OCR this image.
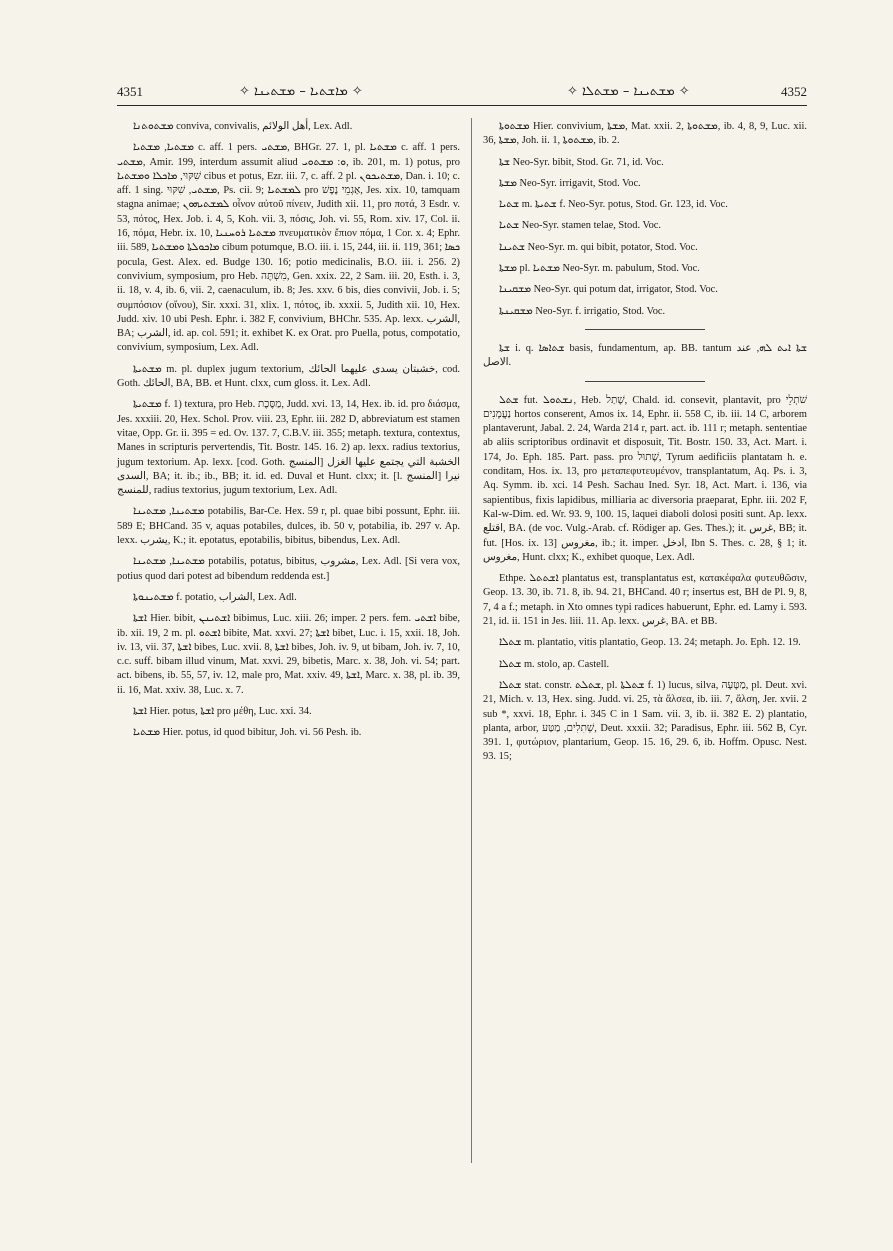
4351	✧ ܡܐܫܬܝܐ – ܡܫܬܝܢܐ ✧	✧ ܡܫܬܝܢܐ – ܡܫܬܠܐ ✧	4352

ܡܫܬܘܬܢܐ conviva, convivalis, أهل الولائم, Lex. Adl.

ܡܫܬܝܐ, ܡܫܬܝܐ c. aff. 1 pers. ܡܫܬܝ, BHGr. 27. 1, pl. ܡܫܬܝܐ c. aff. 1 pers. ܡܫܬܝ, Amir. 199, interdum assumit aliud ܘ: ܡܫܬܘܝ, ib. 201, m. 1) potus, pro שִׁקּוּי, ܡܐܟܠܐ ܘܡܫܬܝܐ cibus et potus, Ezr. iii. 7, c. aff. 2 pl. ܡܫܬܝܟܘܢ, Dan. i. 10; c. aff. 1 sing. ܡܫܬܝ, שִׁקּוּי, Ps. cii. 9; ܠܡܫܬܝܐ pro אַגְמֵי נֶפֶשׁ, Jes. xix. 10, tamquam stagna animae; ܠܡܫܬܝܗܘܢ οἶνον αὐτοῦ πίνειν, Judith xii. 11, pro ποτά, 3 Esdr. v. 53, πότος, Hex. Job. i. 4, 5, Koh. vii. 3, πόσις, Joh. vi. 55, Rom. xiv. 17, Col. ii. 16, πόμα, Hebr. ix. 10, ܡܫܬܝܐ ܪܘܚܢܝܐ πνευματικὸν ἔπιον πόμα, 1 Cor. x. 4; Ephr. iii. 589, ܡܐܟܘܠܬܐ ܘܡܫܬܝܐ cibum potumque, B.O. iii. i. 15, 244, iii. ii. 119, 361; ܟܣܐ pocula, Gest. Alex. ed. Budge 130. 16; potio medicinalis, B.O. iii. i. 256. 2) convivium, symposium, pro Heb. מִשְׁתֶּה, Gen. xxix. 22, 2 Sam. iii. 20, Esth. i. 3, ii. 18, v. 4, ib. 6, vii. 2, caenaculum, ib. 8; Jes. xxv. 6 bis, dies convivii, Job. i. 5; συμπόσιον (οἴνου), Sir. xxxi. 31, xlix. 1, πότος, ib. xxxii. 5, Judith xii. 10, Hex. Judd. xiv. 10 ubi Pesh. Ephr. i. 382 F, convivium, BHChr. 535. Ap. lexx. الشرب, BA; الشرب, id. ap. col. 591; it. exhibet K. ex Orat. pro Puella, potus, compotatio, convivium, symposium, Lex. Adl.

ܡܫܬܝܬܐ m. pl. duplex jugum textorium, خشبتان يسدى عليهما الحائك, cod. Goth. الحائك, BA, BB. et Hunt. clxx, cum gloss. it. Lex. Adl.

ܡܫܬܝܬܐ f. 1) textura, pro Heb. מַסֶּכֶת, Judd. xvi. 13, 14, Hex. ib. id. pro διάσμα, Jes. xxxiii. 20, Hex. Schol. Prov. viii. 23, Ephr. iii. 282 D, abbreviatum est stamen vitae, Opp. Gr. ii. 395 = ed. Ov. 137. 7, C.B.V. iii. 355; metaph. textura, contextus, Manes in scripturis pervertendis, Tit. Bostr. 145. 16. 2) ap. lexx. radius textorius, jugum textorium. Ap. lexx. [cod. Goth. المنسج] الخشبة التي يجتمع عليها الغزل السدى, BA; it. ib.; ib., BB; it. id. ed. Duval et Hunt. clxx; it. [l. المنسج] نيرا للمنسج, radius textorius, jugum textorium, Lex. Adl.

ܡܫܬܝܢܐ, ܡܫܬܝܢܐ potabilis, Bar-Ce. Hex. 59 r, pl. quae bibi possunt, Ephr. iii. 589 E; BHCand. 35 v, aquas potabiles, dulces, ib. 50 v, potabilia, ib. 297 v. Ap. lexx. يشرب, K.; it. epotatus, epotabilis, bibitus, bibendus, Lex. Adl.

ܡܫܬܝܢܐ, ܡܫܬܝܢܐ potabilis, potatus, bibitus, مشروب, Lex. Adl. [Si vera vox, potius quod dari potest ad bibendum reddenda est.]

ܡܫܬܝܢܘܬܐ f. potatio, الشراب, Lex. Adl.

ܐܫܬܐ Hier. bibit, ܐܫܬܝܢܢ bibimus, Luc. xiii. 26; imper. 2 pers. fem. ܐܫܬܝ bibe, ib. xii. 19, 2 m. pl. ܐܫܬܘ bibite, Mat. xxvi. 27; ܐܫܬܐ bibet, Luc. i. 15, xxii. 18, Joh. iv. 13, vii. 37, ܐܫܬܐ bibes, Luc. xvii. 8, ܐܫܬܐ bibes, Joh. iv. 9, ut bibam, Joh. iv. 7, 10, c.c. suff. bibam illud vinum, Mat. xxvi. 29, bibetis, Marc. x. 38, Joh. vi. 54; part. act. bibens, ib. 55, 57, iv. 12, male pro, Mat. xxiv. 49, ܐܫܬܐ, Marc. x. 38, pl. ib. 39, ii. 16, Mat. xxiv. 38, Luc. x. 7.

ܐܫܬܐ Hier. potus, ܐܫܬܐ pro μέθη, Luc. xxi. 34.

ܡܫܬܝܐ Hier. potus, id quod bibitur, Joh. vi. 56 Pesh. ib.

ܡܫܬܘܬܐ Hier. convivium, ܡܫܬܐ, Mat. xxii. 2, ܡܫܬܘܬܐ, ib. 4, 8, 9, Luc. xii. 36, ܡܫܬܐ, Joh. ii. 1, ܡܫܬܘܬܐ, ib. 2.

ܫܬܐ Neo-Syr. bibit, Stod. Gr. 71, id. Voc.

ܡܫܬܐ Neo-Syr. irrigavit, Stod. Voc.

ܫܬܝܐ m. ܫܬܝܬܐ f. Neo-Syr. potus, Stod. Gr. 123, id. Voc.

ܫܬܝܐ Neo-Syr. stamen telae, Stod. Voc.

ܫܬܝܢܐ Neo-Syr. m. qui bibit, potator, Stod. Voc.

ܡܫܬܐ pl. ܡܫܬܝܐ Neo-Syr. m. pabulum, Stod. Voc.

ܡܫܩܝܢܐ Neo-Syr. qui potum dat, irrigator, Stod. Voc.

ܡܫܩܝܢܬܐ Neo-Syr. f. irrigatio, Stod. Voc.

ܫܬܐ i. q. ܫܬܐܣܐ basis, fundamentum, ap. BB. tantum ܫܬܐ ܐܝܬ ܠܗ, عند الاصل.

ܫܬܠ fut. ܢܫܬܘܠ, Heb. שָׁתַל, Chald. id. consevit, plantavit, pro שֹׁתְלֵי נַעֲמָנִים hortos conserent, Amos ix. 14, Ephr. ii. 558 C, ib. iii. 14 C, arborem plantaverunt, Jabal. 2. 24, Warda 214 r, part. act. ib. 111 r; metaph. sententiae ab aliis scriptoribus ordinavit et disposuit, Tit. Bostr. 150. 33, Act. Mart. i. 174, Jo. Eph. 185. Part. pass. pro שָׁתוּל, Tyrum aedificiis plantatam h. e. conditam, Hos. ix. 13, pro μεταπεφυτευμένον, transplantatum, Aq. Ps. i. 3, Aq. Symm. ib. xci. 14 Pesh. Sachau Ined. Syr. 18, Act. Mart. i. 136, via sapientibus, fixis lapidibus, milliaria ac diversoria praeparat, Ephr. iii. 202 F, Kal-w-Dim. ed. Wr. 93. 9, 100. 15, laquei diaboli dolosi positi sunt. Ap. lexx. اقتلع, BA. (de voc. Vulg.-Arab. cf. Rödiger ap. Ges. Thes.); it. غرس, BB; it. fut. [Hos. ix. 13] مغروس, ib.; it. imper. ادخل, Ibn S. Thes. c. 28, § 1; it. مغروس, Hunt. clxx; K., exhibet quoque, Lex. Adl.

Ethpe. ܐܫܬܬܠ plantatus est, transplantatus est, κατακέφαλα φυτευθῶσιν, Geop. 13. 30, ib. 71. 8, ib. 94. 21, BHCand. 40 r; insertus est, BH de Pl. 9, 8, 7, 4 a f.; metaph. in Xto omnes typi radices habuerunt, Ephr. ed. Lamy i. 593. 21, id. ii. 151 in Jes. liii. 11. Ap. lexx. غرس, BA. et BB.

ܫܬܠܐ m. plantatio, vitis plantatio, Geop. 13. 24; metaph. Jo. Eph. 12. 19.

ܫܬܠܐ m. stolo, ap. Castell.

ܫܬܠܐ stat. constr. ܫܬܠܬ, pl. ܫܬܠܬܐ f. 1) lucus, silva, מַטָּעָה, pl. Deut. xvi. 21, Mich. v. 13, Hex. sing. Judd. vi. 25, τὰ ἄλσεα, ib. iii. 7, ἄλση, Jer. xvii. 2 sub *, xxvi. 18, Ephr. i. 345 C in 1 Sam. vii. 3, ib. ii. 382 E. 2) plantatio, planta, arbor, שְׁתִלִים, מַטַּע, Deut. xxxii. 32; Paradisus, Ephr. iii. 562 B, Cyr. 391. 1, φυτώριον, plantarium, Geop. 15. 16, 29. 6, ib. Hoffm. Opusc. Nest. 93. 15;
